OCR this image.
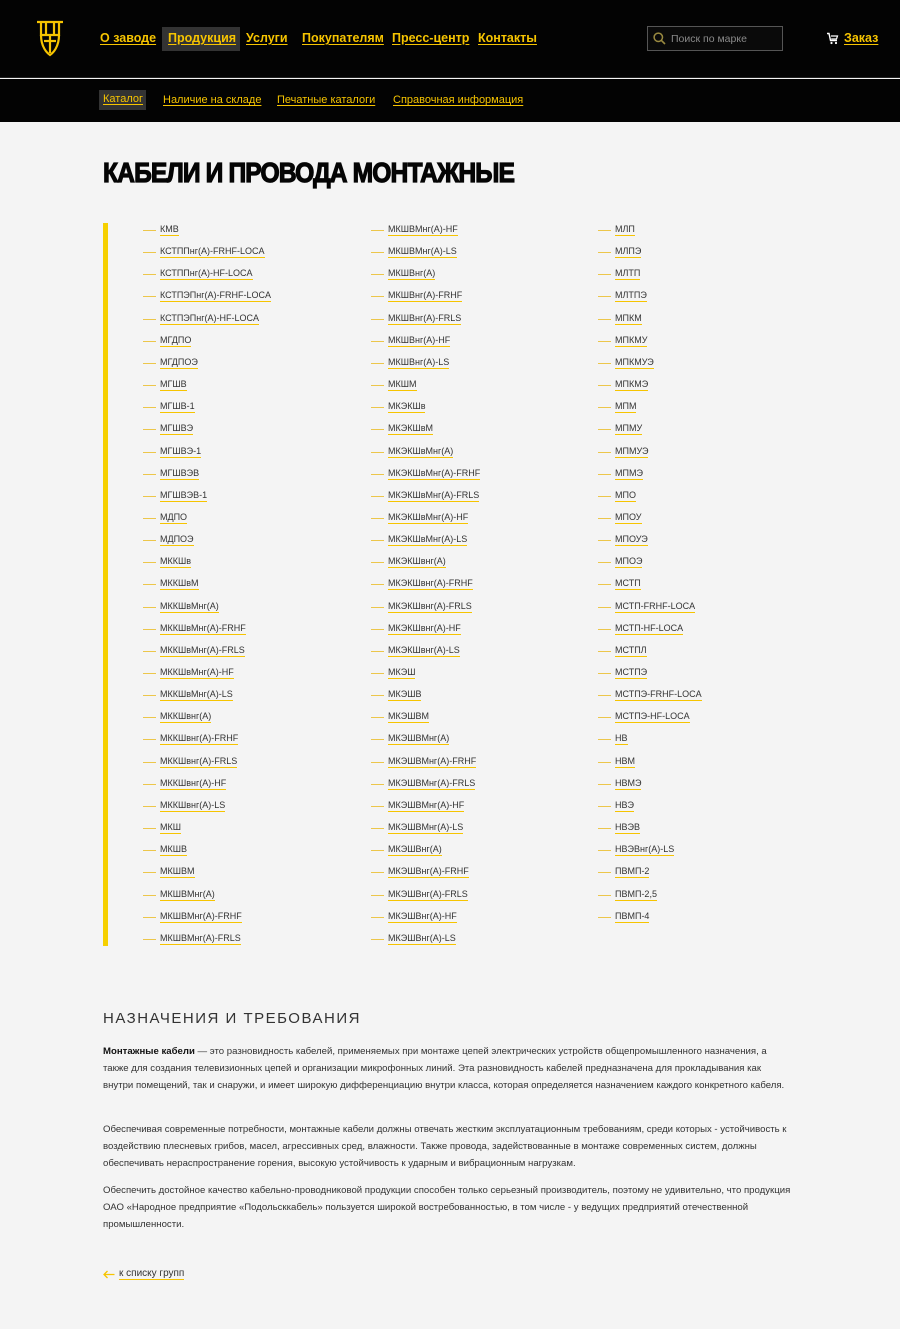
О заводе Продукция Услуги Покупателям Пресс-центр Контакты
Поиск по марке	Заказ
Каталог Наличие на складе Печатные каталоги Справочная информация
КАБЕЛИ И ПРОВОДА МОНТАЖНЫЕ
КМВ
КСТППнг(А)-FRHF-LOCA
КСТППнг(А)-HF-LOCA
КСТПЭПнг(А)-FRHF-LOCA
КСТПЭПнг(А)-HF-LOCA
МГДПО
МГДПОЭ
МГШВ
МГШВ-1
МГШВЭ
МГШВЭ-1
МГШВЭВ
МГШВЭВ-1
МДПО
МДПОЭ
МККШв
МККШвМ
МККШвМнг(А)
МККШвМнг(А)-FRHF
МККШвМнг(А)-FRLS
МККШвМнг(А)-HF
МККШвМнг(А)-LS
МККШвнг(А)
МККШвнг(А)-FRHF
МККШвнг(А)-FRLS
МККШвнг(А)-HF
МККШвнг(А)-LS
МКШ
МКШВ
МКШВМ
МКШВМнг(А)
МКШВМнг(А)-FRHF
МКШВМнг(А)-FRLS
МКШВМнг(А)-HF
МКШВМнг(А)-LS
МКШВнг(А)
МКШВнг(А)-FRHF
МКШВнг(А)-FRLS
МКШВнг(А)-HF
МКШВнг(А)-LS
МКШМ
МКЭКШв
МКЭКШвМ
МКЭКШвМнг(А)
МКЭКШвМнг(А)-FRHF
МКЭКШвМнг(А)-FRLS
МКЭКШвМнг(А)-HF
МКЭКШвМнг(А)-LS
МКЭКШвнг(А)
МКЭКШвнг(А)-FRHF
МКЭКШвнг(А)-FRLS
МКЭКШвнг(А)-HF
МКЭКШвнг(А)-LS
МКЭШ
МКЭШВ
МКЭШВМ
МКЭШВМнг(А)
МКЭШВМнг(А)-FRHF
МКЭШВМнг(А)-FRLS
МКЭШВМнг(А)-HF
МКЭШВМнг(А)-LS
МКЭШВнг(А)
МКЭШВнг(А)-FRHF
МКЭШВнг(А)-FRLS
МКЭШВнг(А)-HF
МКЭШВнг(А)-LS
МЛП
МЛПЭ
МЛТП
МЛТПЭ
МПКМ
МПКМУ
МПКМУЭ
МПКМЭ
МПМ
МПМУ
МПМУЭ
МПМЭ
МПО
МПОУ
МПОУЭ
МПОЭ
МСТП
МСТП-FRHF-LOCA
МСТП-HF-LOCA
МСТПЛ
МСТПЭ
МСТПЭ-FRHF-LOCA
МСТПЭ-HF-LOCA
НВ
НВМ
НВМЭ
НВЭ
НВЭВ
НВЭВнг(А)-LS
ПВМП-2
ПВМП-2,5
ПВМП-4
НАЗНАЧЕНИЯ И ТРЕБОВАНИЯ

Монтажные кабели — это разновидность кабелей, применяемых при монтаже цепей электрических устройств общепромышленного назначения, а также для создания телевизионных цепей и организации микрофонных линий. Эта разновидность кабелей предназначена для прокладывания как внутри помещений, так и снаружи, и имеет широкую дифференциацию внутри класса, которая определяется назначением каждого конкретного кабеля.

Обеспечивая современные потребности, монтажные кабели должны отвечать жестким эксплуатационным требованиям, среди которых - устойчивость к воздействию плесневых грибов, масел, агрессивных сред, влажности. Также провода, задействованные в монтаже современных систем, должны обеспечивать нераспространение горения, высокую устойчивость к ударным и вибрационным нагрузкам.

Обеспечить достойное качество кабельно-проводниковой продукции способен только серьезный производитель, поэтому не удивительно, что продукция ОАО «Народное предприятие «Подольсккабель» пользуется широкой востребованностью, в том числе - у ведущих предприятий отечественной промышленности.

к списку групп
